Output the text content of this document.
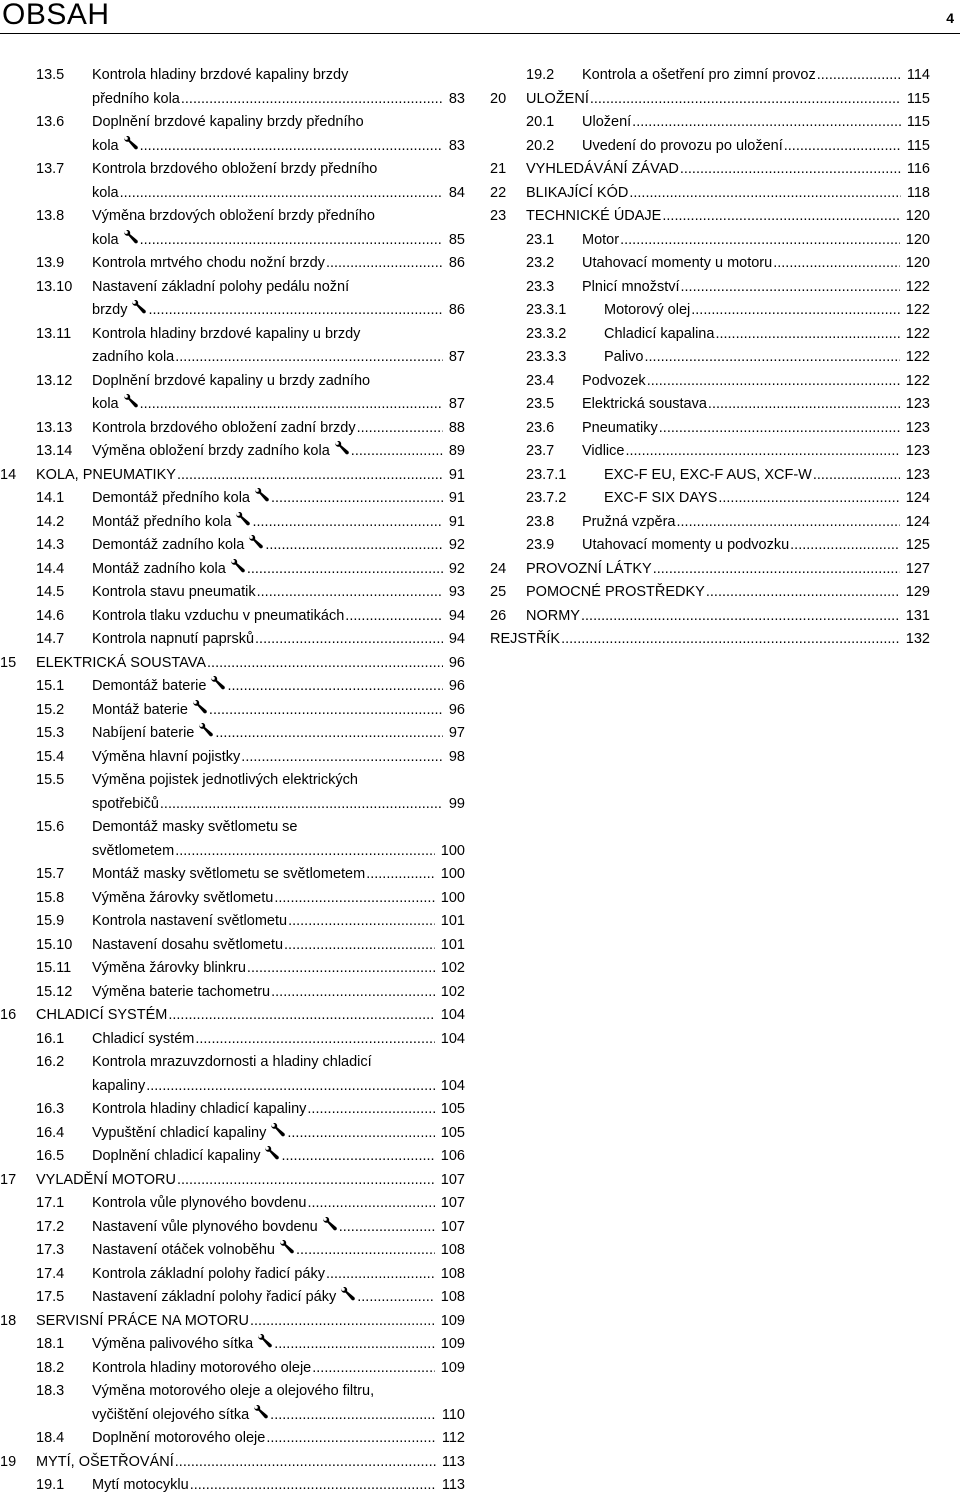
OBSAH	4
13.5 Kontrola hladiny brzdové kapaliny brzdy
předního kola .....	83
13.6 Doplnění brzdové kapaliny brzdy předního
kola .....	83
13.7 Kontrola brzdového obložení brzdy předního
kola .....	84
13.8 Výměna brzdových obložení brzdy předního
kola .....	85
13.9 Kontrola mrtvého chodu nožní brzdy .....	86
13.10 Nastavení základní polohy pedálu nožní
brzdy .....	86
13.11 Kontrola hladiny brzdové kapaliny u brzdy
zadního kola .....	87
13.12 Doplnění brzdové kapaliny u brzdy zadního
kola .....	87
13.13 Kontrola brzdového obložení zadní brzdy .....	88
13.14 Výměna obložení brzdy zadního kola .....	89
14 KOLA, PNEUMATIKY .....	91
14.1 Demontáž předního kola .....	91
14.2 Montáž předního kola .....	91
14.3 Demontáž zadního kola .....	92
14.4 Montáž zadního kola .....	92
14.5 Kontrola stavu pneumatik .....	93
14.6 Kontrola tlaku vzduchu v pneumatikách .....	94
14.7 Kontrola napnutí paprsků .....	94
15 ELEKTRICKÁ SOUSTAVA .....	96
15.1 Demontáž baterie .....	96
15.2 Montáž baterie .....	96
15.3 Nabíjení baterie .....	97
15.4 Výměna hlavní pojistky .....	98
15.5 Výměna pojistek jednotlivých elektrických
spotřebičů .....	99
15.6 Demontáž masky světlometu se
světlometem .....	100
15.7 Montáž masky světlometu se světlometem .....	100
15.8 Výměna žárovky světlometu .....	100
15.9 Kontrola nastavení světlometu .....	101
15.10 Nastavení dosahu světlometu .....	101
15.11 Výměna žárovky blinkru .....	102
15.12 Výměna baterie tachometru .....	102
16 CHLADICÍ SYSTÉM .....	104
16.1 Chladicí systém .....	104
16.2 Kontrola mrazuvzdornosti a hladiny chladicí
kapaliny .....	104
16.3 Kontrola hladiny chladicí kapaliny .....	105
16.4 Vypuštění chladicí kapaliny .....	105
16.5 Doplnění chladicí kapaliny .....	106
17 VYLADĚNÍ MOTORU .....	107
17.1 Kontrola vůle plynového bovdenu .....	107
17.2 Nastavení vůle plynového bovdenu .....	107
17.3 Nastavení otáček volnoběhu .....	108
17.4 Kontrola základní polohy řadicí páky .....	108
17.5 Nastavení základní polohy řadicí páky .....	108
18 SERVISNÍ PRÁCE NA MOTORU .....	109
18.1 Výměna palivového sítka .....	109
18.2 Kontrola hladiny motorového oleje .....	109
18.3 Výměna motorového oleje a olejového filtru,
vyčištění olejového sítka .....	110
18.4 Doplnění motorového oleje .....	112
19 MYTÍ, OŠETŘOVÁNÍ .....	113
19.1 Mytí motocyklu .....	113
19.2 Kontrola a ošetření pro zimní provoz .....	114
20 ULOŽENÍ .....	115
20.1 Uložení .....	115
20.2 Uvedení do provozu po uložení .....	115
21 VYHLEDÁVÁNÍ ZÁVAD .....	116
22 BLIKAJÍCÍ KÓD .....	118
23 TECHNICKÉ ÚDAJE .....	120
23.1 Motor .....	120
23.2 Utahovací momenty u motoru .....	120
23.3 Plnicí množství .....	122
23.3.1	Motorový olej .....	122
23.3.2	Chladicí kapalina .....	122
23.3.3	Palivo .....	122
23.4 Podvozek .....	122
23.5 Elektrická soustava .....	123
23.6 Pneumatiky .....	123
23.7 Vidlice .....	123
23.7.1	EXC-F EU, EXC-F AUS, XCF-W .....	123
23.7.2	EXC-F SIX DAYS .....	124
23.8 Pružná vzpěra .....	124
23.9 Utahovací momenty u podvozku .....	125
24 PROVOZNÍ LÁTKY .....	127
25 POMOCNÉ PROSTŘEDKY .....	129
26 NORMY .....	131
REJSTŘÍK .....	132
